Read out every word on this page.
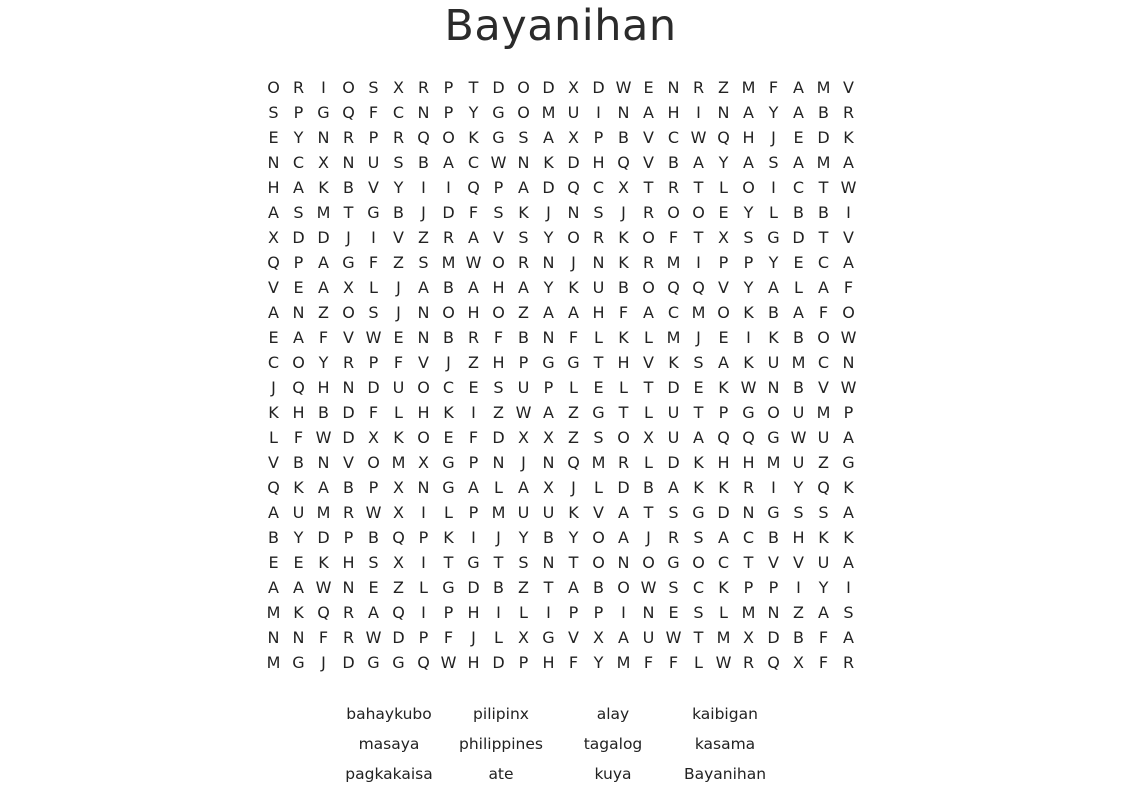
Bayanihan
O R	I	O S X R P T D O D X D W E N R Z M F A M V
S P G Q F C N P Y G O M U	I	N A H	I	N A Y A B R
E Y N R P R Q O K G S A X P B V C W Q H	J	E D K
N C X N U S B A C W N K D H Q V B A Y A S A M A
H A K B V Y	I	I	Q P A D Q C X T R T L O	I	C T W
A S M T G B	J	D F S K	J	N S	J	R O O E Y L B B	I
X D D	J	I	V Z R A V S Y O R K O F T X S G D T V
Q P A G F Z S M W O R N	J	N K R M I	P P Y E C A
V E A X L	J	A B A H A Y K U B O Q Q V Y A L A F
A N Z O S	J	N O H O Z A A H F A C M O K B A F O
E A F V W E N B R F B N F L K L M J	E	I	K B O W
C O Y R P F V	J	Z H P G G T H V K S A K U M C N
J	Q H N D U O C E S U P L E L T D E K W N B V W
K H B D F L H K	I	Z W A Z G T L U T P G O U M P
L F W D X K O E F D X X Z S O X U A Q Q G W U A
V B N V O M X G P N	J	N Q M R L D K H H M U Z G
Q K A B P X N G A L A X	J	L D B A K K R	I	Y Q K
A U M R W X	I	L P M U U K V A T S G D N G S S A
B Y D P B Q P K	I	J	Y B Y O A	J	R S A C B H K K
E E K H S X	I	T G T S N T O N O G O C T V V U A
A A W N E Z L G D B Z T A B O W S C K P P	I	Y	I
M K Q R A Q	I	P H	I	L	I	P P	I	N E S L M N Z A S
N N F R W D P F	J	L X G V X A U W T M X D B F A
M G	J	D G G Q W H D P H F Y M F F L W R Q X F R
bahaykubo	pilipinx	alay	kaibigan
masaya	philippines	tagalog	kasama
pagkakaisa	ate	kuya	Bayanihan
